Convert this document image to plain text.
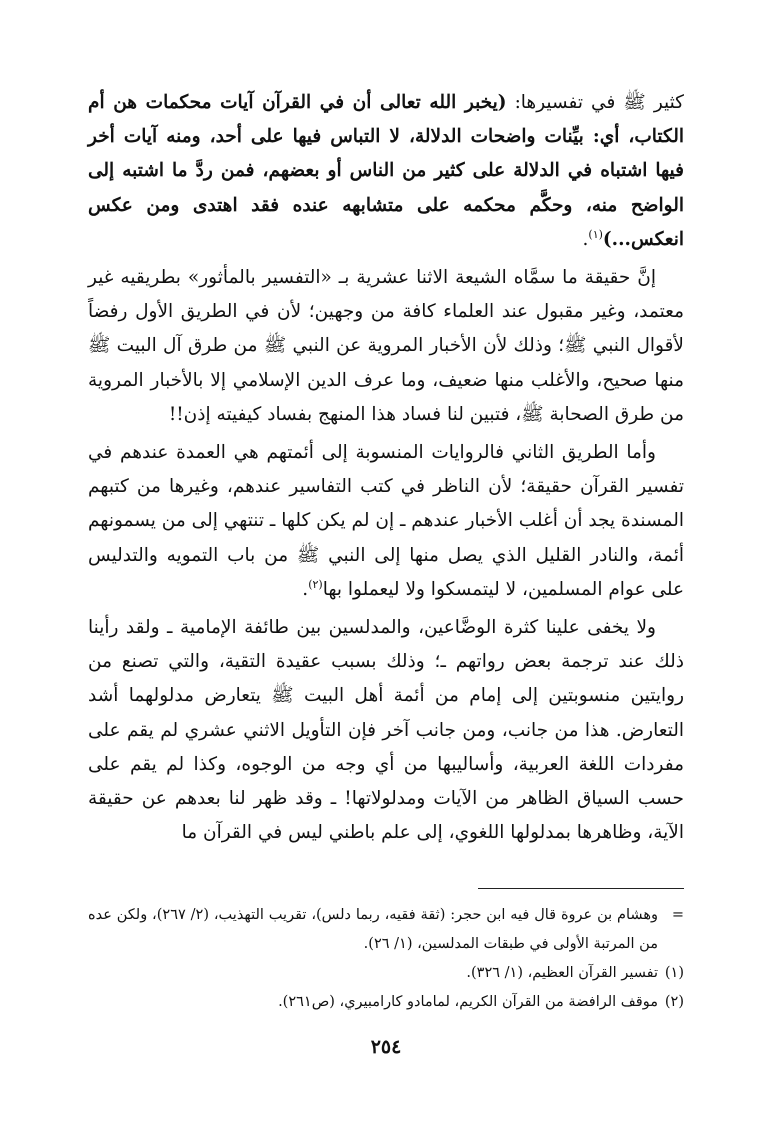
كثير ﷺ في تفسيرها: (يخبر الله تعالى أن في القرآن آيات محكمات هن أم الكتاب، أي: بيِّنات واضحات الدلالة، لا التباس فيها على أحد، ومنه آيات أخر فيها اشتباه في الدلالة على كثير من الناس أو بعضهم، فمن ردَّ ما اشتبه إلى الواضح منه، وحكَّم محكمه على متشابهه عنده فقد اهتدى ومن عكس انعكس...)$^{(١)}$.

إنَّ حقيقة ما سمَّاه الشيعة الاثنا عشرية بـ «التفسير بالمأثور» بطريقيه غير معتمد، وغير مقبول عند العلماء كافة من وجهين؛ لأن في الطريق الأول رفضاً لأقوال النبي ﷺ؛ وذلك لأن الأخبار المروية عن النبي ﷺ من طرق آل البيت ﷺ منها صحيح، والأغلب منها ضعيف، وما عرف الدين الإسلامي إلا بالأخبار المروية من طرق الصحابة ﷺ، فتبين لنا فساد هذا المنهج بفساد كيفيته إذن!!

وأما الطريق الثاني فالروايات المنسوبة إلى أئمتهم هي العمدة عندهم في تفسير القرآن حقيقة؛ لأن الناظر في كتب التفاسير عندهم، وغيرها من كتبهم المسندة يجد أن أغلب الأخبار عندهم ـ إن لم يكن كلها ـ تنتهي إلى من يسمونهم أئمة، والنادر القليل الذي يصل منها إلى النبي ﷺ من باب التمويه والتدليس على عوام المسلمين، لا ليتمسكوا ولا ليعملوا بها$^{(٢)}$.

ولا يخفى علينا كثرة الوضَّاعين، والمدلسين بين طائفة الإمامية ـ ولقد رأينا ذلك عند ترجمة بعض رواتهم ـ؛ وذلك بسبب عقيدة التقية، والتي تصنع من روايتين منسوبتين إلى إمام من أئمة أهل البيت ﷺ يتعارض مدلولهما أشد التعارض. هذا من جانب، ومن جانب آخر فإن التأويل الاثني عشري لم يقم على مفردات اللغة العربية، وأساليبها من أي وجه من الوجوه، وكذا لم يقم على حسب السياق الظاهر من الآيات ومدلولاتها! ـ وقد ظهر لنا بعدهم عن حقيقة الآية، وظاهرها بمدلولها اللغوي، إلى علم باطني ليس في القرآن ما

=
وهشام بن عروة قال فيه ابن حجر: (ثقة فقيه، ربما دلس)، تقريب التهذيب، (٢/ ٢٦٧)، ولكن عده من المرتبة الأولى في طبقات المدلسين، (١/ ٢٦).

(١)
تفسير القرآن العظيم، (١/ ٣٢٦).

(٢)
موقف الرافضة من القرآن الكريم، لمامادو كارامبيري، (ص٢٦١).

٢٥٤
